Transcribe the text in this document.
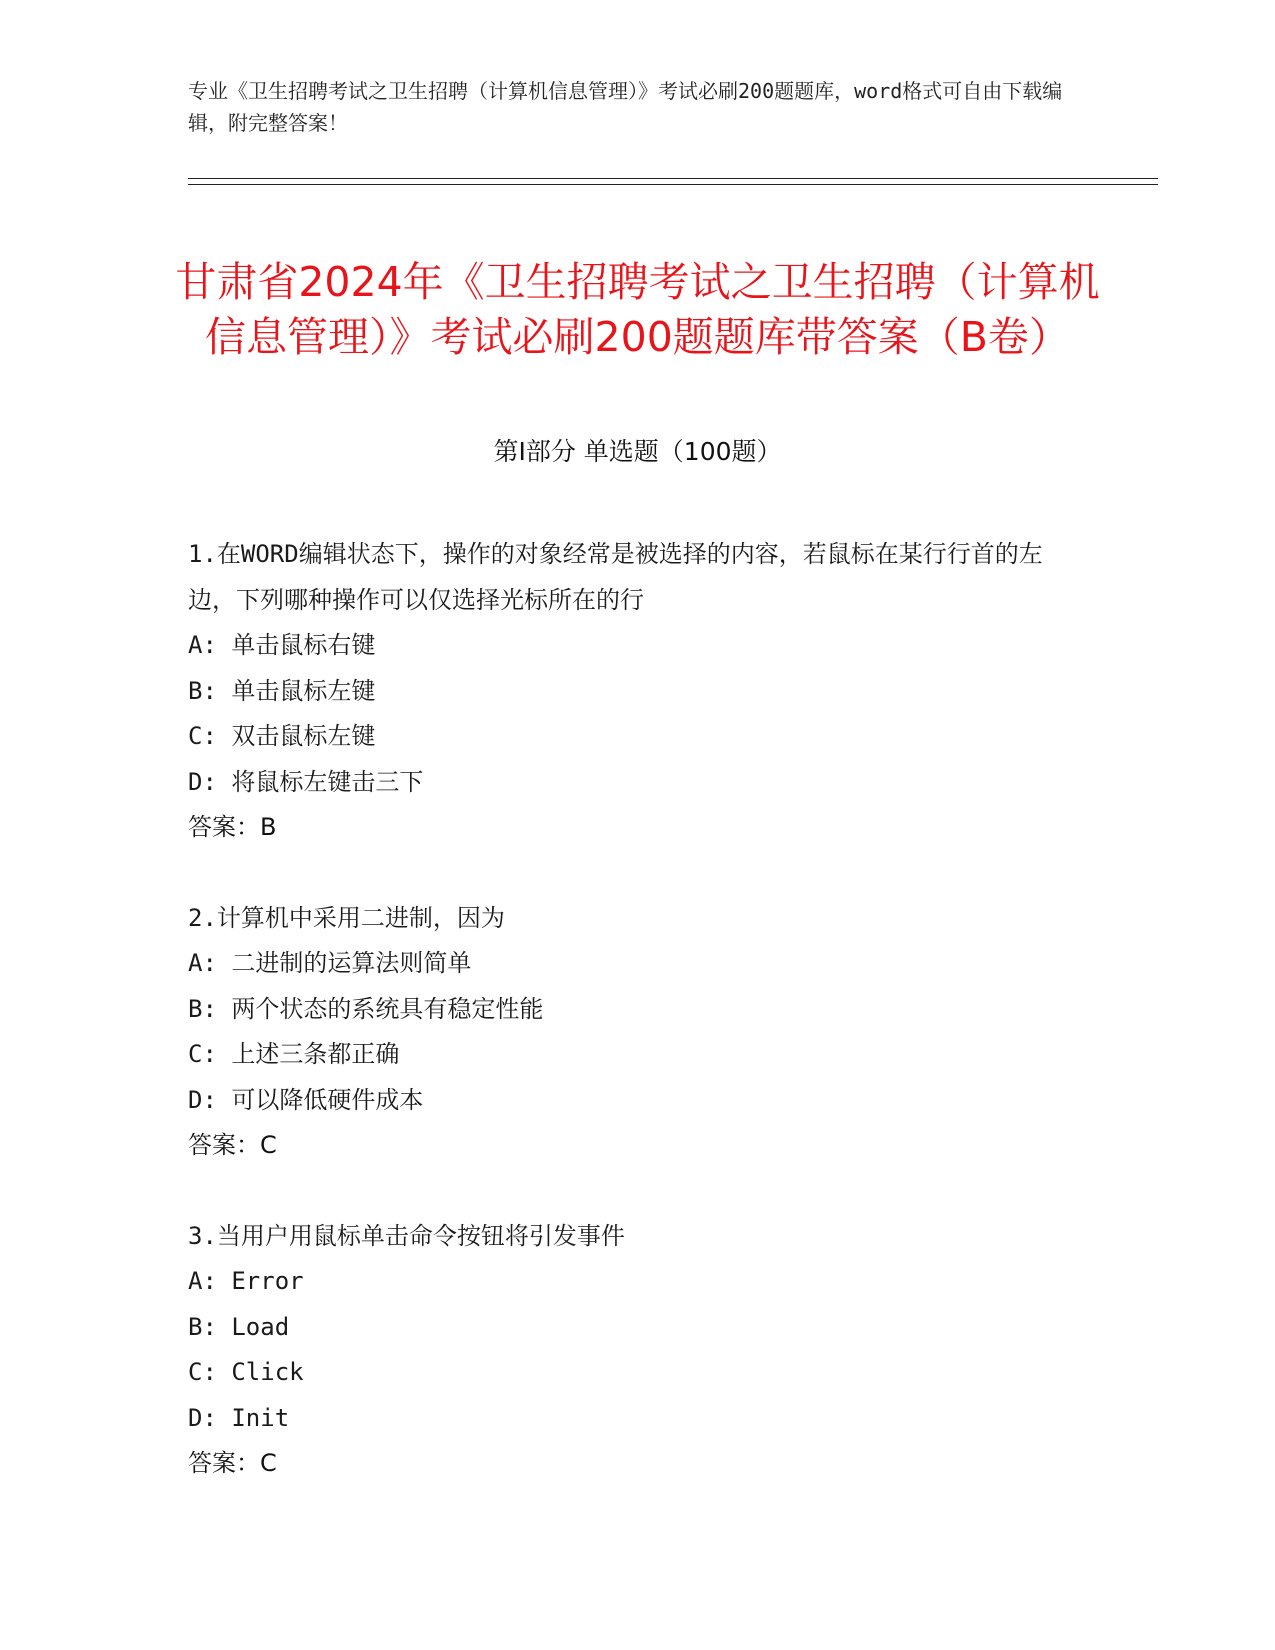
专业《卫生招聘考试之卫生招聘（计算机信息管理）》考试必刷200题题库，word格式可自由下载编辑，附完整答案！
甘肃省2024年《卫生招聘考试之卫生招聘（计算机信息管理）》考试必刷200题题库带答案（B卷）
第Ⅰ部分 单选题（100题）
1.在WORD编辑状态下，操作的对象经常是被选择的内容，若鼠标在某行行首的左边，下列哪种操作可以仅选择光标所在的行
A: 单击鼠标右键
B: 单击鼠标左键
C: 双击鼠标左键
D: 将鼠标左键击三下
答案：B
2.计算机中采用二进制，因为
A: 二进制的运算法则简单
B: 两个状态的系统具有稳定性能
C: 上述三条都正确
D: 可以降低硬件成本
答案：C
3.当用户用鼠标单击命令按钮将引发事件
A: Error
B: Load
C: Click
D: Init
答案：C
